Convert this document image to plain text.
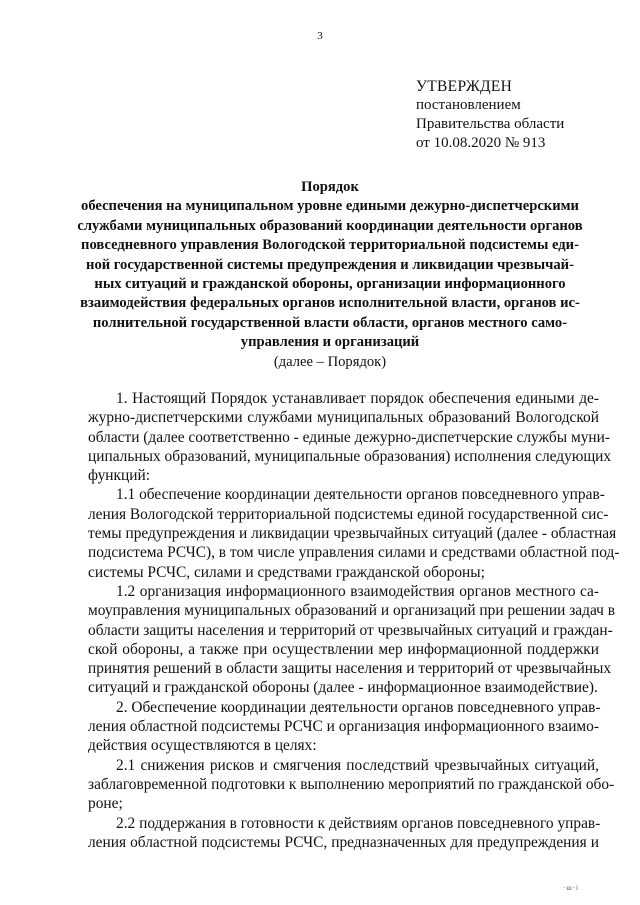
3
УТВЕРЖДЕН
постановлением
Правительства области
от 10.08.2020 № 913
Порядок
обеспечения на муниципальном уровне едиными дежурно-диспетчерскими
службами муниципальных образований координации деятельности органов
повседневного управления Вологодской территориальной подсистемы еди-
ной государственной системы предупреждения и ликвидации чрезвычай-
ных ситуаций и гражданской обороны, организации информационного
взаимодействия федеральных органов исполнительной власти, органов ис-
полнительной государственной власти области, органов местного само-
управления и организаций
(далее – Порядок)
1. Настоящий Порядок устанавливает порядок обеспечения едиными де-
журно-диспетчерскими службами муниципальных образований Вологодской
области (далее соответственно - единые дежурно-диспетчерские службы муни-
ципальных образований, муниципальные образования) исполнения следующих
функций:
1.1 обеспечение координации деятельности органов повседневного управ-
ления Вологодской территориальной подсистемы единой государственной сис-
темы предупреждения и ликвидации чрезвычайных ситуаций (далее - областная
подсистема РСЧС), в том числе управления силами и средствами областной под-
системы РСЧС, силами и средствами гражданской обороны;
1.2 организация информационного взаимодействия органов местного са-
моуправления муниципальных образований и организаций при решении задач в
области защиты населения и территорий от чрезвычайных ситуаций и граждан-
ской обороны, а также при осуществлении мер информационной поддержки
принятия решений в области защиты населения и территорий от чрезвычайных
ситуаций и гражданской обороны (далее - информационное взаимодействие).
2. Обеспечение координации деятельности органов повседневного управ-
ления областной подсистемы РСЧС и организация информационного взаимо-
действия осуществляются в целях:
2.1 снижения рисков и смягчения последствий чрезвычайных ситуаций,
заблаговременной подготовки к выполнению мероприятий по гражданской обо-
роне;
2.2 поддержания в готовности к действиям органов повседневного управ-
ления областной подсистемы РСЧС, предназначенных для предупреждения и
·ш·і
